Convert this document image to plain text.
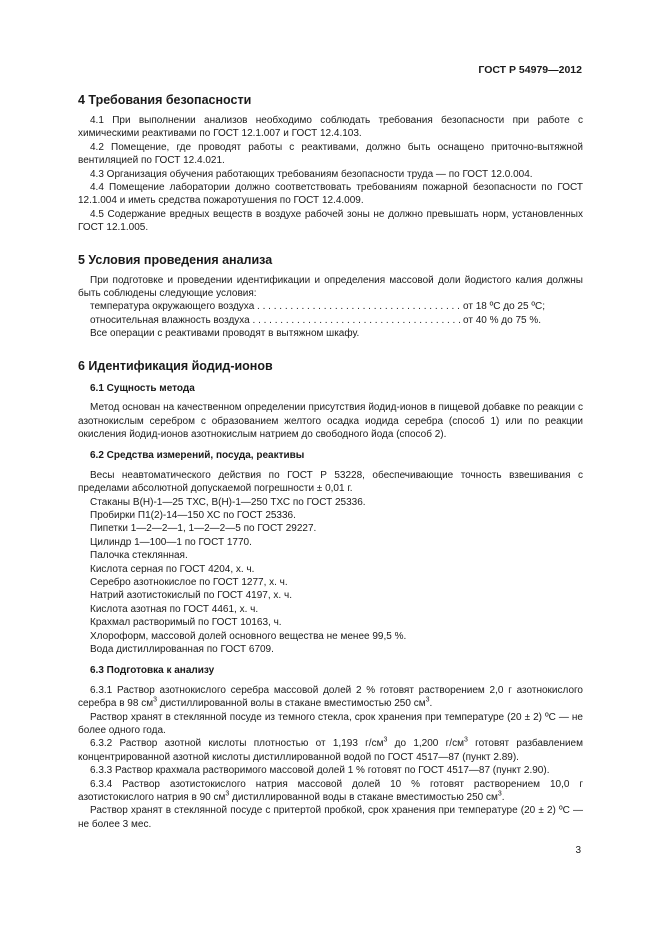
ГОСТ Р 54979—2012
4 Требования безопасности

4.1 При выполнении анализов необходимо соблюдать требования безопасности при работе с химическими реактивами по ГОСТ 12.1.007 и ГОСТ 12.4.103.

4.2 Помещение, где проводят работы с реактивами, должно быть оснащено приточно-вытяжной вентиляцией по ГОСТ 12.4.021.

4.3 Организация обучения работающих требованиям безопасности труда — по ГОСТ 12.0.004.

4.4 Помещение лаборатории должно соответствовать требованиям пожарной безопасности по ГОСТ 12.1.004 и иметь средства пожаротушения по ГОСТ 12.4.009.

4.5 Содержание вредных веществ в воздухе рабочей зоны не должно превышать норм, установленных ГОСТ 12.1.005.

5 Условия проведения анализа

При подготовке и проведении идентификации и определения массовой доли йодистого калия должны быть соблюдены следующие условия:

температура окружающего воздуха . . .	от 18 ºС до 25 ºС;
относительная влажность воздуха . . .	от 40 % до 75 %.

Все операции с реактивами проводят в вытяжном шкафу.

6 Идентификация йодид-ионов
6.1 Сущность метода

Метод основан на качественном определении присутствия йодид-ионов в пищевой добавке по реакции с азотнокислым серебром с образованием желтого осадка иодида серебра (способ 1) или по реакции окисления йодид-ионов азотнокислым натрием до свободного йода (способ 2).

6.2 Средства измерений, посуда, реактивы

Весы неавтоматического действия по ГОСТ Р 53228, обеспечивающие точность взвешивания с пределами абсолютной допускаемой погрешности ± 0,01 г.

Стаканы В(Н)-1—25 ТХС, В(Н)-1—250 ТХС по ГОСТ 25336.

Пробирки П1(2)-14—150 ХС по ГОСТ 25336.

Пипетки 1—2—2—1, 1—2—2—5 по ГОСТ 29227.

Цилиндр 1—100—1 по ГОСТ 1770.

Палочка стеклянная.

Кислота серная по ГОСТ 4204, х. ч.

Серебро азотнокислое по ГОСТ 1277, х. ч.

Натрий азотистокислый по ГОСТ 4197, х. ч.

Кислота азотная по ГОСТ 4461, х. ч.

Крахмал растворимый по ГОСТ 10163, ч.

Хлороформ, массовой долей основного вещества не менее 99,5 %.

Вода дистиллированная по ГОСТ 6709.

6.3 Подготовка к анализу

6.3.1 Раствор азотнокислого серебра массовой долей 2 % готовят растворением 2,0 г азотнокислого серебра в 98 $см^3$ дистиллированной волы в стакане вместимостью 250 $см^3$.

Раствор хранят в стеклянной посуде из темного стекла, срок хранения при температуре (20 ± 2) ºС — не более одного года.

6.3.2 Раствор азотной кислоты плотностью от 1,193 $г/см^3$ до 1,200 $г/см^3$ готовят разбавлением концентрированной азотной кислоты дистиллированной водой по ГОСТ 4517—87 (пункт 2.89).

6.3.3 Раствор крахмала растворимого массовой долей 1 % готовят по ГОСТ 4517—87 (пункт 2.90).

6.3.4 Раствор азотистокислого натрия массовой долей 10 % готовят растворением 10,0 г азотистокислого натрия в 90 $см^3$ дистиллированной воды в стакане вместимостью 250 $см^3$.

Раствор хранят в стеклянной посуде с притертой пробкой, срок хранения при температуре (20 ± 2) ºС — не более 3 мес.

3
